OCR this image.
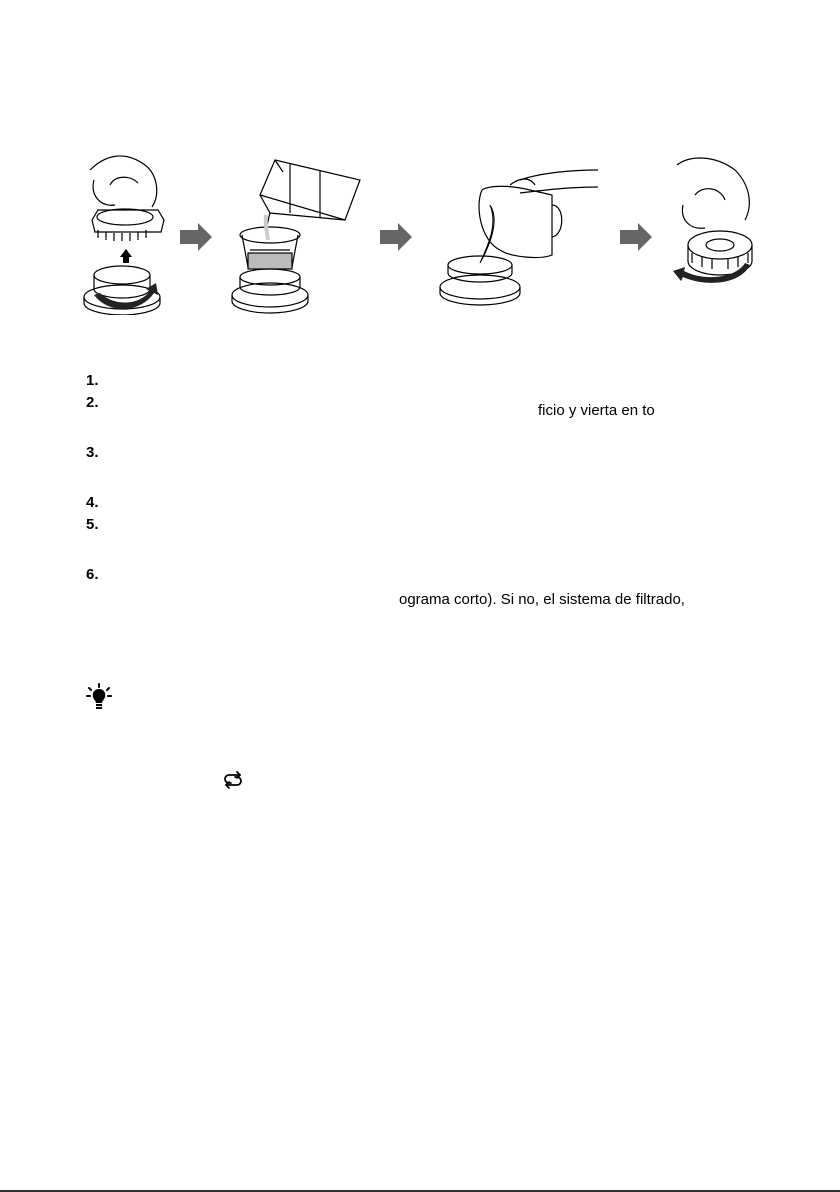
1.
2.	ficio y vierta en to
3.
4.
5.
6.
ograma corto). Si no, el sistema de filtrado,
